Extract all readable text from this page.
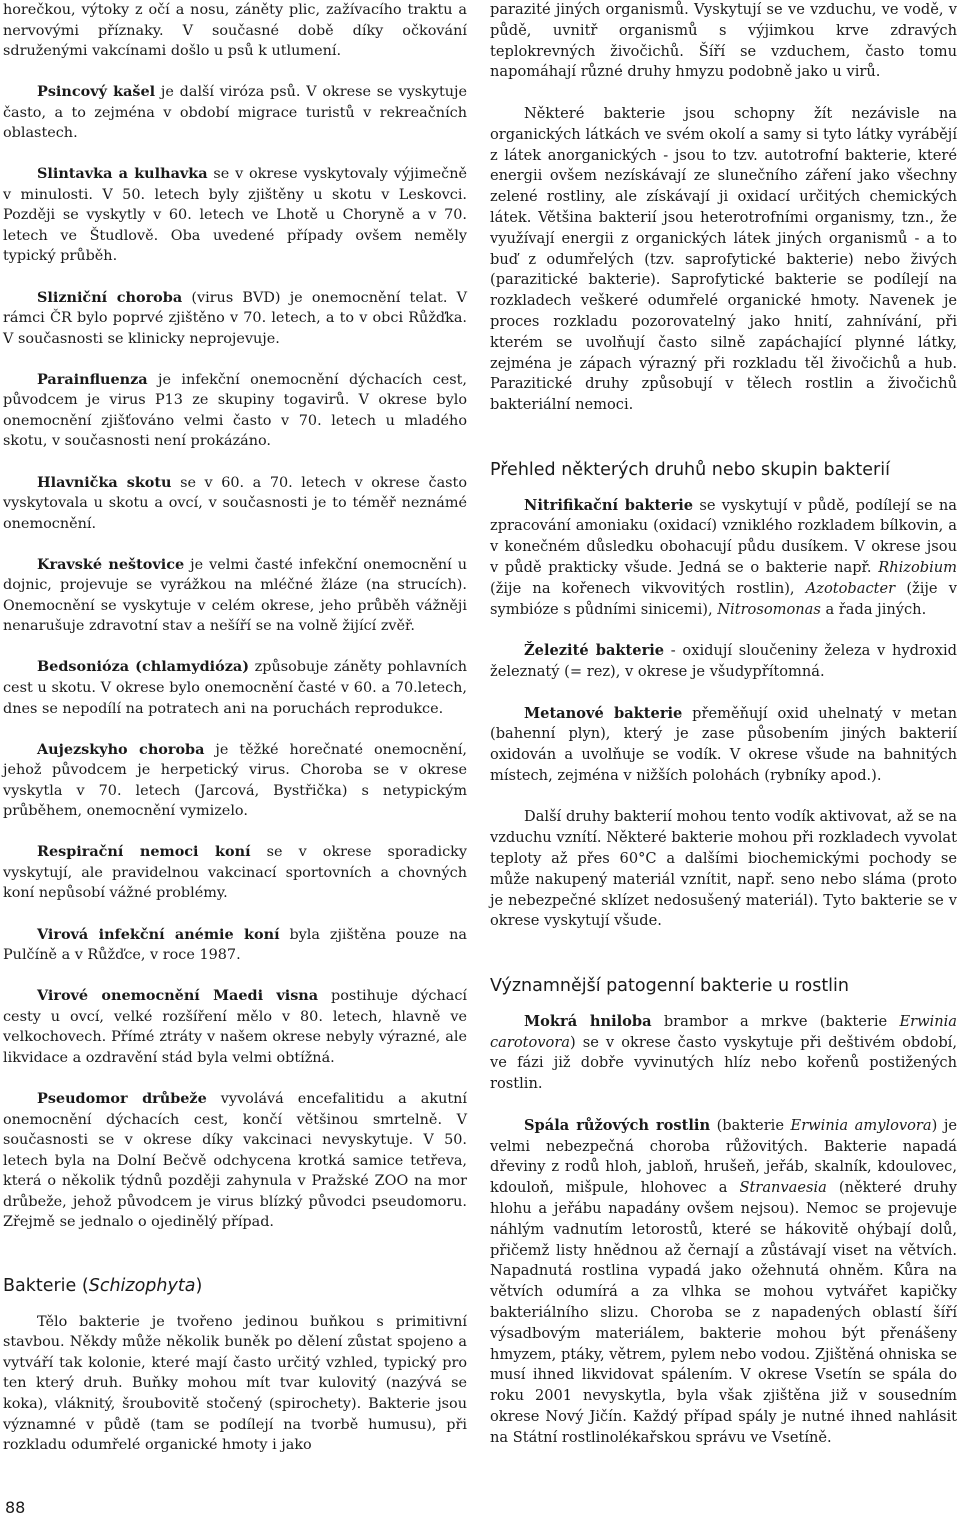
horečkou, výtoky z očí a nosu, záněty plic, zažívacího traktu a nervovými příznaky. V současné době díky očkování sdruženými vakcínami došlo u psů k utlumení.

Psincový kašel je další viróza psů. V okrese se vyskytuje často, a to zejména v období migrace turistů v rekreačních oblastech.

Slintavka a kulhavka se v okrese vyskytovaly výjimečně v minulosti. V 50. letech byly zjištěny u skotu v Leskovci. Později se vyskytly v 60. letech ve Lhotě u Choryně a v 70. letech ve Študlově. Oba uvedené případy ovšem neměly typický průběh.

Slizniční choroba (virus BVD) je onemocnění telat. V rámci ČR bylo poprvé zjištěno v 70. letech, a to v obci Růžďka. V současnosti se klinicky neprojevuje.

Parainfluenza je infekční onemocnění dýchacích cest, původcem je virus P13 ze skupiny togavirů. V okrese bylo onemocnění zjišťováno velmi často v 70. letech u mladého skotu, v současnosti není prokázáno.

Hlavnička skotu se v 60. a 70. letech v okrese často vyskytovala u skotu a ovcí, v současnosti je to téměř neznámé onemocnění.

Kravské neštovice je velmi časté infekční onemocnění u dojnic, projevuje se vyrážkou na mléčné žláze (na strucích). Onemocnění se vyskytuje v celém okrese, jeho průběh vážněji nenarušuje zdravotní stav a nešíří se na volně žijící zvěř.

Bedsonióza (chlamydióza) způsobuje záněty pohlavních cest u skotu. V okrese bylo onemocnění časté v 60. a 70.letech, dnes se nepodílí na potratech ani na poruchách reprodukce.

Aujezskyho choroba je těžké horečnaté onemocnění, jehož původcem je herpetický virus. Choroba se v okrese vyskytla v 70. letech (Jarcová, Bystřička) s netypickým průběhem, onemocnění vymizelo.

Respirační nemoci koní se v okrese sporadicky vyskytují, ale pravidelnou vakcinací sportovních a chovných koní nepůsobí vážné problémy.

Virová infekční anémie koní byla zjištěna pouze na Pulčíně a v Růžďce, v roce 1987.

Virové onemocnění Maedi visna postihuje dýchací cesty u ovcí, velké rozšíření mělo v 80. letech, hlavně ve velkochovech. Přímé ztráty v našem okrese nebyly výrazné, ale likvidace a ozdravění stád byla velmi obtížná.

Pseudomor drůbeže vyvolává encefalitidu a akutní onemocnění dýchacích cest, končí většinou smrtelně. V současnosti se v okrese díky vakcinaci nevyskytuje. V 50. letech byla na Dolní Bečvě odchycena krotká samice tetřeva, která o několik týdnů později zahynula v Pražské ZOO na mor drůbeže, jehož původcem je virus blízký původci pseudomoru. Zřejmě se jednalo o ojedinělý případ.

Bakterie (Schizophyta)

Tělo bakterie je tvořeno jedinou buňkou s primitivní stavbou. Někdy může několik buněk po dělení zůstat spojeno a vytváří tak kolonie, které mají často určitý vzhled, typický pro ten který druh. Buňky mohou mít tvar kulovitý (nazývá se koka), vláknitý, šroubovitě stočený (spirochety). Bakterie jsou významné v půdě (tam se podílejí na tvorbě humusu), při rozkladu odumřelé organické hmoty i jako

parazité jiných organismů. Vyskytují se ve vzduchu, ve vodě, v půdě, uvnitř organismů s výjimkou krve zdravých teplokrevných živočichů. Šíří se vzduchem, často tomu napomáhají různé druhy hmyzu podobně jako u virů.

Některé bakterie jsou schopny žít nezávisle na organických látkách ve svém okolí a samy si tyto látky vyrábějí z látek anorganických - jsou to tzv. autotrofní bakterie, které energii ovšem nezískávají ze slunečního záření jako všechny zelené rostliny, ale získávají ji oxidací určitých chemických látek. Většina bakterií jsou heterotrofními organismy, tzn., že využívají energii z organických látek jiných organismů - a to buď z odumřelých (tzv. saprofytické bakterie) nebo živých (parazitické bakterie). Saprofytické bakterie se podílejí na rozkladech veškeré odumřelé organické hmoty. Navenek je proces rozkladu pozorovatelný jako hnití, zahnívání, při kterém se uvolňují často silně zapáchající plynné látky, zejména je zápach výrazný při rozkladu těl živočichů a hub. Parazitické druhy způsobují v tělech rostlin a živočichů bakteriální nemoci.

Přehled některých druhů nebo skupin bakterií

Nitrifikační bakterie se vyskytují v půdě, podílejí se na zpracování amoniaku (oxidací) vzniklého rozkladem bílkovin, a v konečném důsledku obohacují půdu dusíkem. V okrese jsou v půdě prakticky všude. Jedná se o bakterie např. Rhizobium (žije na kořenech vikvovitých rostlin), Azotobacter (žije v symbióze s půdními sinicemi), Nitrosomonas a řada jiných.

Železité bakterie - oxidují sloučeniny železa v hydroxid železnatý (= rez), v okrese je všudypřítomná.

Metanové bakterie přeměňují oxid uhelnatý v metan (bahenní plyn), který je zase působením jiných bakterií oxidován a uvolňuje se vodík. V okrese všude na bahnitých místech, zejména v nižších polohách (rybníky apod.).

Další druhy bakterií mohou tento vodík aktivovat, až se na vzduchu vznítí. Některé bakterie mohou při rozkladech vyvolat teploty až přes 60°C a dalšími biochemickými pochody se může nakupený materiál vznítit, např. seno nebo sláma (proto je nebezpečné sklízet nedosušený materiál). Tyto bakterie se v okrese vyskytují všude.

Významnější patogenní bakterie u rostlin

Mokrá hniloba brambor a mrkve (bakterie Erwinia carotovora) se v okrese často vyskytuje při deštivém období, ve fázi již dobře vyvinutých hlíz nebo kořenů postižených rostlin.

Spála růžových rostlin (bakterie Erwinia amylovora) je velmi nebezpečná choroba růžovitých. Bakterie napadá dřeviny z rodů hloh, jabloň, hrušeň, jeřáb, skalník, kdoulovec, kdouloň, mišpule, hlohovec a Stranvaesia (některé druhy hlohu a jeřábu napadány ovšem nejsou). Nemoc se projevuje náhlým vadnutím letorostů, které se hákovitě ohýbají dolů, přičemž listy hnědnou až černají a zůstávají viset na větvích. Napadnutá rostlina vypadá jako ožehnutá ohněm. Kůra na větvích odumírá a za vlhka se mohou vytvářet kapičky bakteriálního slizu. Choroba se z napadených oblastí šíří výsadbovým materiálem, bakterie mohou být přenášeny hmyzem, ptáky, větrem, pylem nebo vodou. Zjištěná ohniska se musí ihned likvidovat spálením. V okrese Vsetín se spála do roku 2001 nevyskytla, byla však zjištěna již v sousedním okrese Nový Jičín. Každý případ spály je nutné ihned nahlásit na Státní rostlinolékařskou správu ve Vsetíně.

88
